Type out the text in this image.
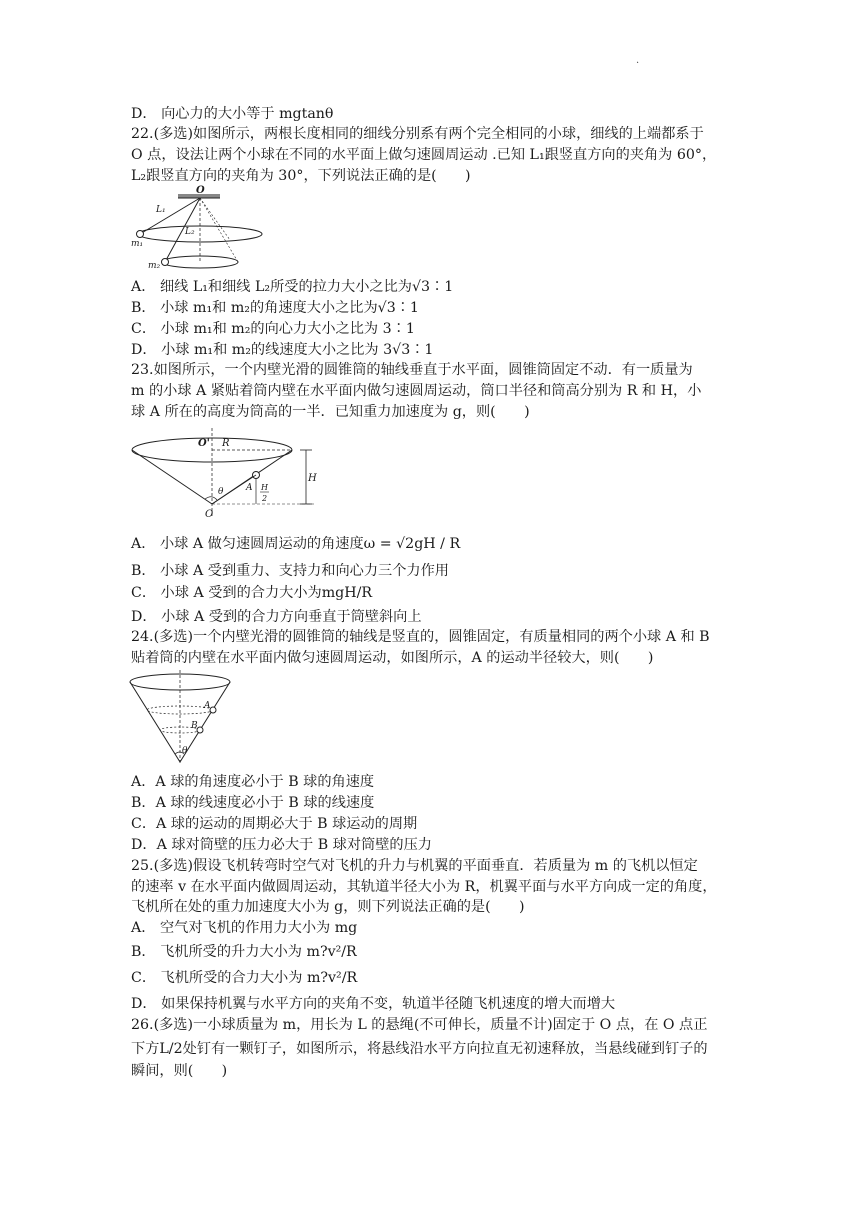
·
D． 向心力的大小等于 mgtanθ
22.(多选)如图所示，两根长度相同的细线分别系有两个完全相同的小球，细线的上端都系于
O 点，设法让两个小球在不同的水平面上做匀速圆周运动 .已知 L₁跟竖直方向的夹角为 60°，
L₂跟竖直方向的夹角为 30°，下列说法正确的是(　　)
O
L₁
L₂
m₁
m₂
A． 细线 L₁和细线 L₂所受的拉力大小之比为√3∶1
B． 小球 m₁和 m₂的角速度大小之比为√3∶1
C． 小球 m₁和 m₂的向心力大小之比为 3∶1
D． 小球 m₁和 m₂的线速度大小之比为 3√3∶1
23.如图所示，一个内壁光滑的圆锥筒的轴线垂直于水平面，圆锥筒固定不动．有一质量为
m 的小球 A 紧贴着筒内壁在水平面内做匀速圆周运动，筒口半径和筒高分别为 R 和 H，小
球 A 所在的高度为筒高的一半．已知重力加速度为 g，则(　　)
O' R
H
A
θ
O
H
2
A． 小球 A 做匀速圆周运动的角速度ω = √2gH / R
B． 小球 A 受到重力、支持力和向心力三个力作用
C． 小球 A 受到的合力大小为mgH/R
D． 小球 A 受到的合力方向垂直于筒壁斜向上
24.(多选)一个内壁光滑的圆锥筒的轴线是竖直的，圆锥固定，有质量相同的两个小球 A 和 B
贴着筒的内壁在水平面内做匀速圆周运动，如图所示，A 的运动半径较大，则(　　)
A
B
θ
A．A 球的角速度必小于 B 球的角速度
B．A 球的线速度必小于 B 球的线速度
C．A 球的运动的周期必大于 B 球运动的周期
D．A 球对筒壁的压力必大于 B 球对筒壁的压力
25.(多选)假设飞机转弯时空气对飞机的升力与机翼的平面垂直．若质量为 m 的飞机以恒定
的速率 v 在水平面内做圆周运动，其轨道半径大小为 R，机翼平面与水平方向成一定的角度，
飞机所在处的重力加速度大小为 g，则下列说法正确的是(　　)
A． 空气对飞机的作用力大小为 mg
B． 飞机所受的升力大小为 m?v²/R
C． 飞机所受的合力大小为 m?v²/R
D． 如果保持机翼与水平方向的夹角不变，轨道半径随飞机速度的增大而增大
26.(多选)一小球质量为 m，用长为 L 的悬绳(不可伸长，质量不计)固定于 O 点，在 O 点正
下方L/2处钉有一颗钉子，如图所示，将悬线沿水平方向拉直无初速释放，当悬线碰到钉子的
瞬间，则(　　)
